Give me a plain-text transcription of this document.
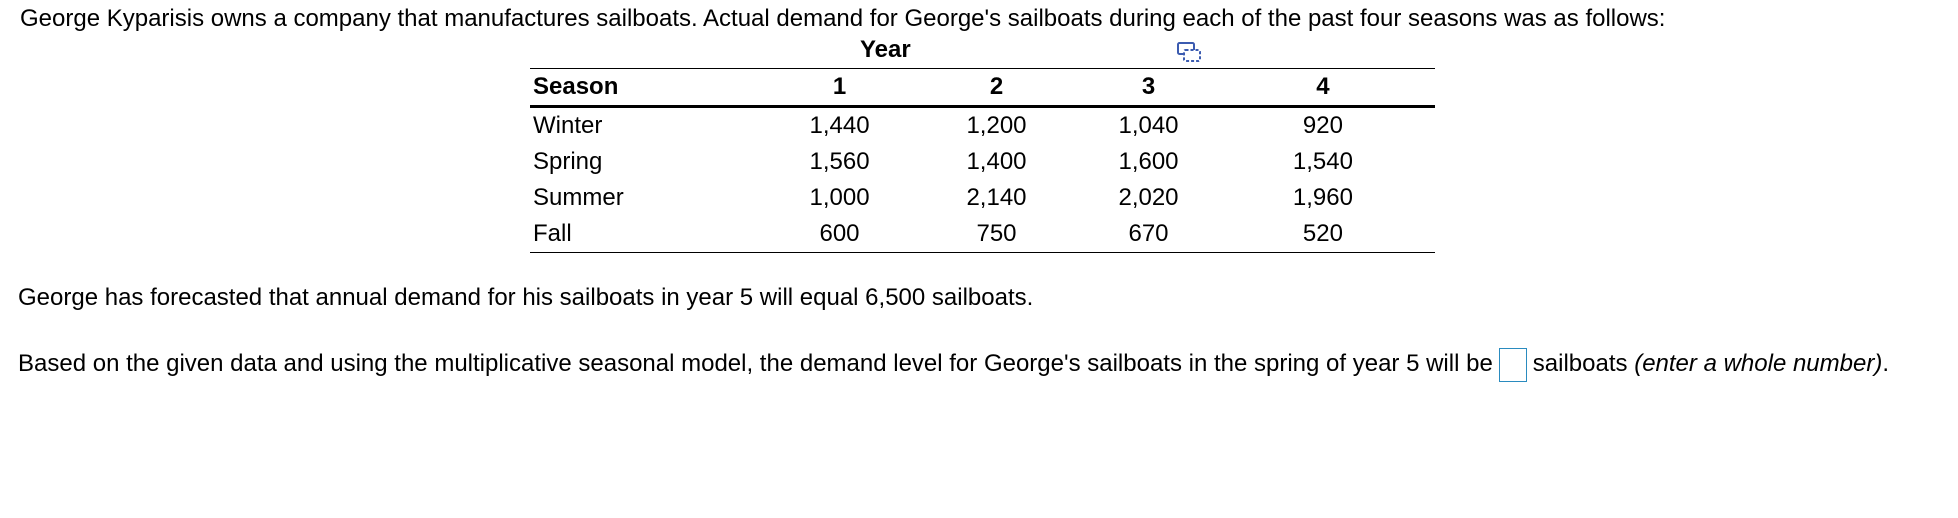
George Kyparisis owns a company that manufactures sailboats. Actual demand for George's sailboats during each of the past four seasons was as follows:
Year
Season	1	2	3	4
Winter	1,440	1,200	1,040	920
Spring	1,560	1,400	1,600	1,540
Summer	1,000	2,140	2,020	1,960
Fall	600	750	670	520
George has forecasted that annual demand for his sailboats in year 5 will equal 6,500 sailboats.
Based on the given data and using the multiplicative seasonal model, the demand level for George's sailboats in the spring of year 5 will be sailboats (enter a whole number).
